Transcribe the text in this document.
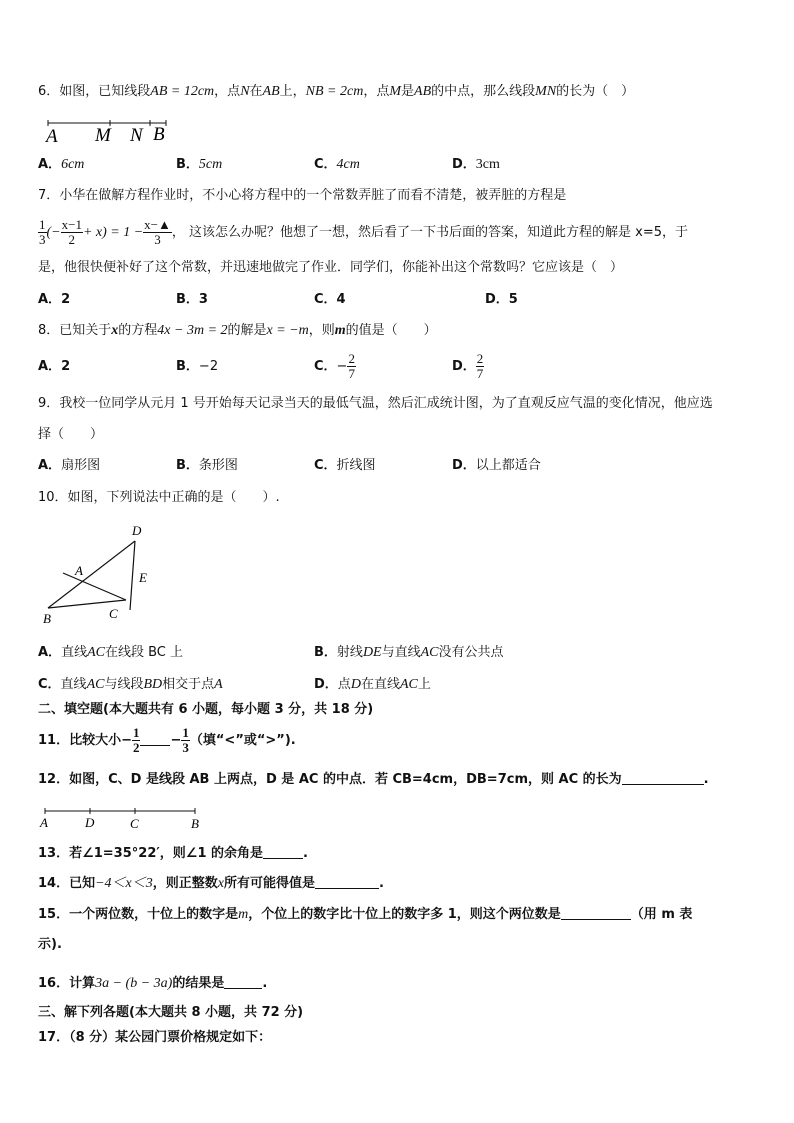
6．如图，已知线段AB = 12cm，点N在AB上，NB = 2cm，点M是AB的中点，那么线段MN的长为（　）
A M N B
A．6cm	B．5cm	C．4cm	D．3cm
7．小华在做解方程作业时，不小心将方程中的一个常数弄脏了而看不清楚，被弄脏的方程是
$\frac{1}{3}$ (− $\frac{x-1}{2} + x) = 1 - \frac{x-▲}{3}$ ， 这该怎么办呢？他想了一想，然后看了一下书后面的答案，知道此方程的解是 x=5，于
是，他很快便补好了这个常数，并迅速地做完了作业．同学们，你能补出这个常数吗？它应该是（　）
A．2	B．3	C．4	D．5
8．已知关于x的方程4x − 3m = 2的解是x = −m，则m的值是（　　）
A．2	B．−2	C．− $\frac{2}{7}$	D． $\frac{2}{7}$
9．我校一位同学从元月 1 号开始每天记录当天的最低气温，然后汇成统计图，为了直观反应气温的变化情况，他应选
择（　　）
A．扇形图	B．条形图	C．折线图	D．以上都适合
10．如图，下列说法中正确的是（　　）.
D
A	E
B	C
A．直线AC在线段 BC 上	B．射线DE与直线AC没有公共点
C．直线AC与线段BD相交于点A	D．点D在直线AC上
二、填空题(本大题共有 6 小题，每小题 3 分，共 18 分)
11．比较大小− $\frac{1}{2} - \frac{1}{3}$ （填“<”或“>”).
12．如图，C、D 是线段 AB 上两点，D 是 AC 的中点．若 CB=4cm，DB=7cm，则 AC 的长为	.
A	D	C	B
13．若∠1=35°22′，则∠1 的余角是	.
14．已知−4＜x＜3，则正整数x所有可能得值是	.
15．一个两位数，十位上的数字是m，个位上的数字比十位上的数字多 1，则这个两位数是	（用 m 表
示).
16．计算3a − (b − 3a)的结果是	.
三、解下列各题(本大题共 8 小题，共 72 分)
17．（8 分）某公园门票价格规定如下：
